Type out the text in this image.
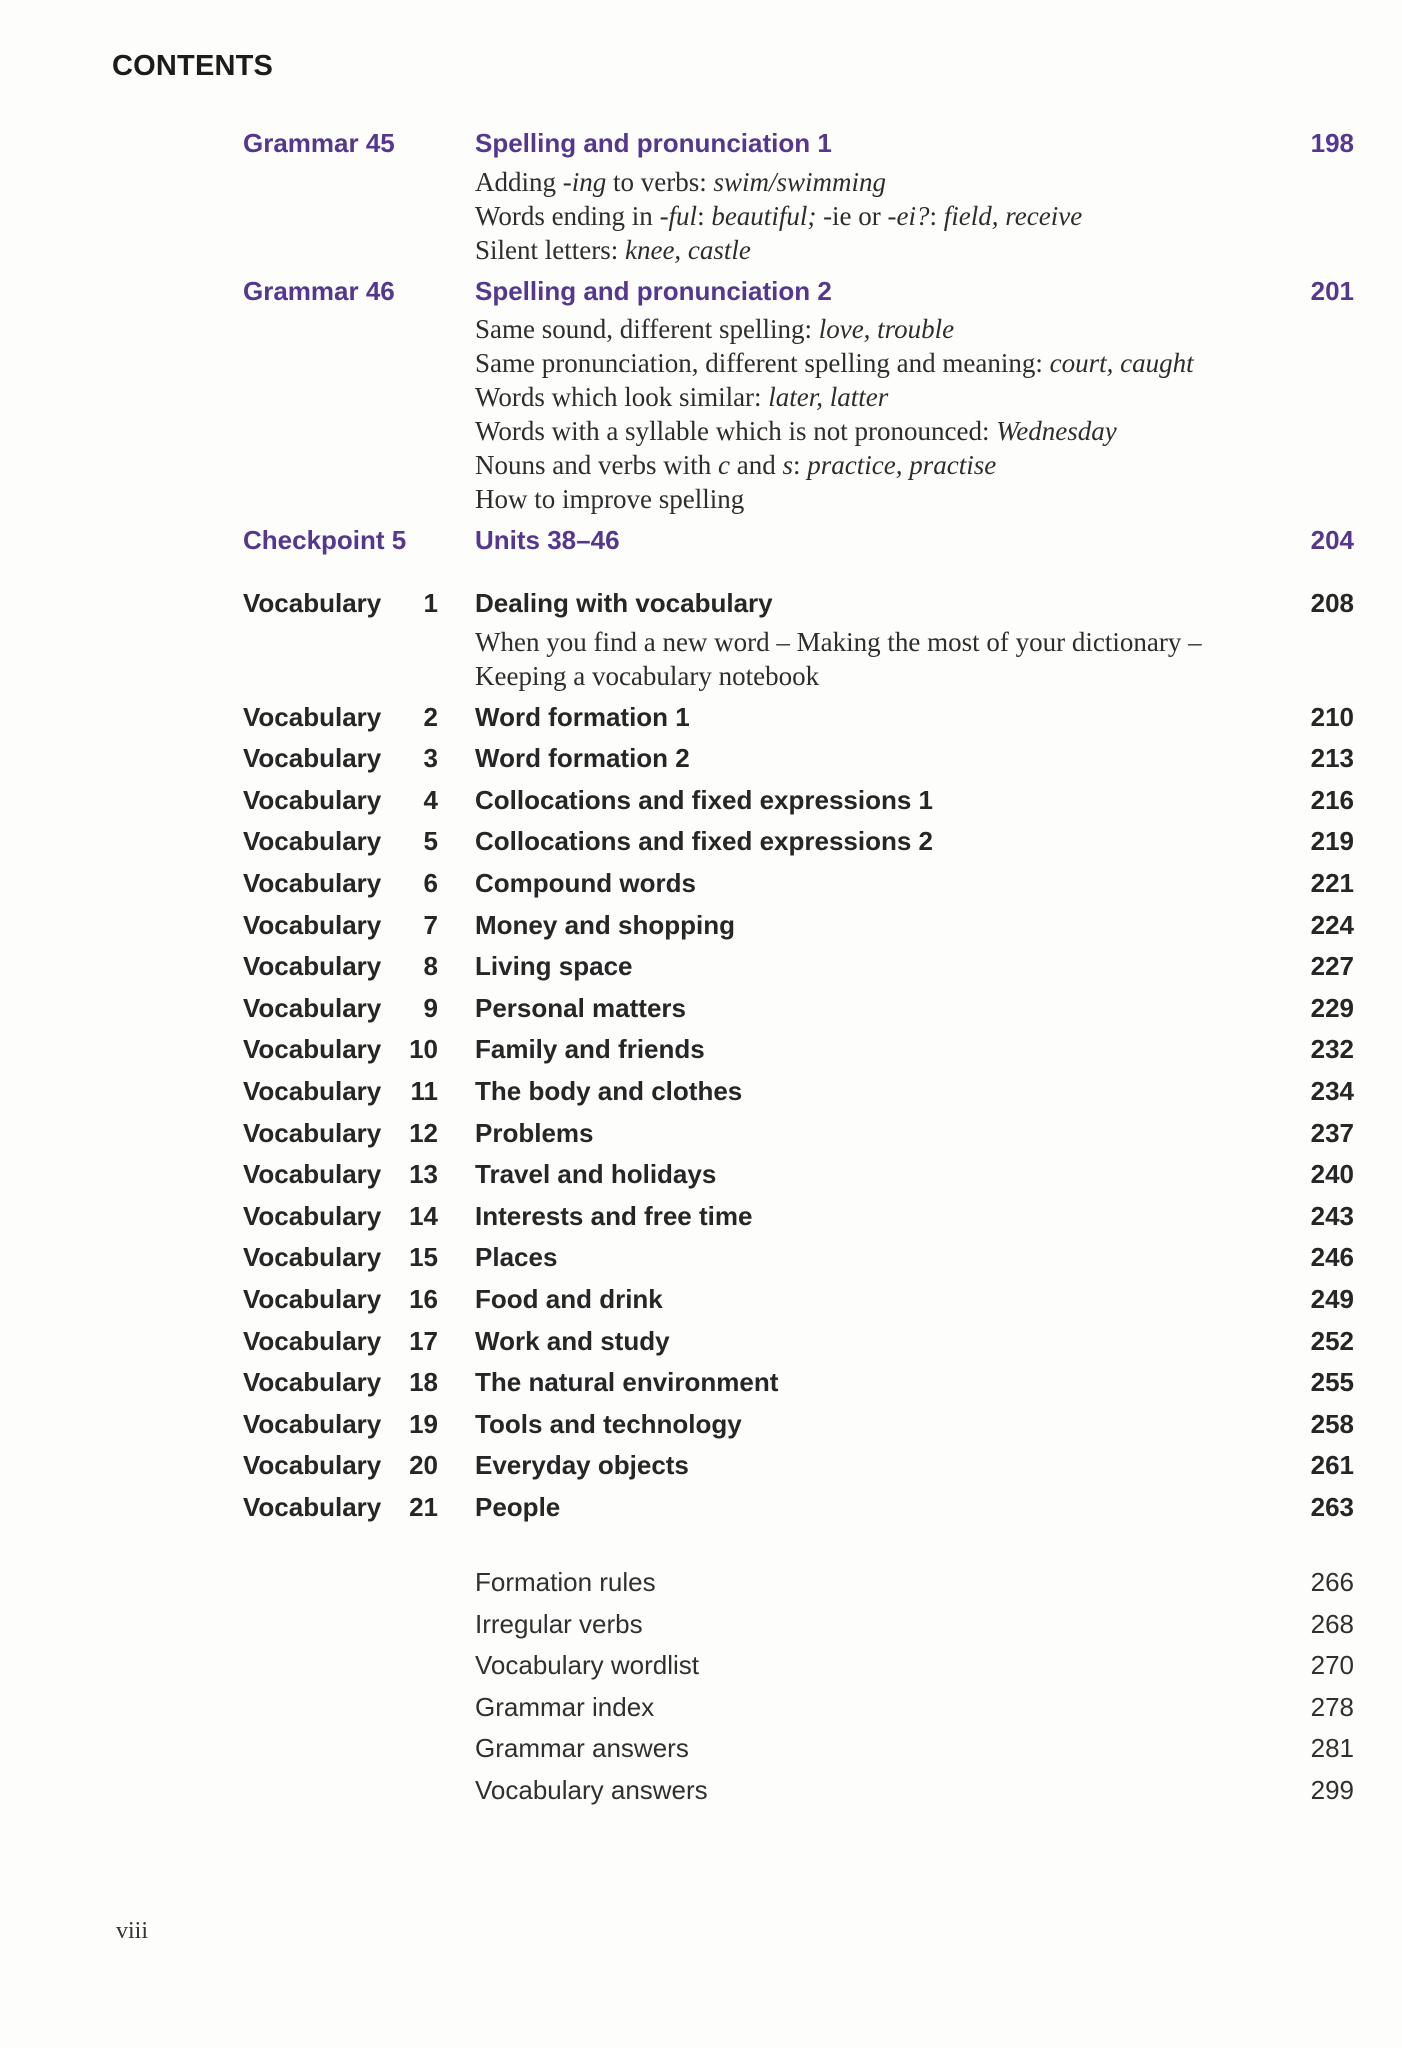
CONTENTS
Grammar 45	Spelling and pronunciation 1	198
Adding -ing to verbs: swim/swimming
Words ending in -ful: beautiful; -ie or -ei?: field, receive
Silent letters: knee, castle
Grammar 46	Spelling and pronunciation 2	201
Same sound, different spelling: love, trouble
Same pronunciation, different spelling and meaning: court, caught
Words which look similar: later, latter
Words with a syllable which is not pronounced: Wednesday
Nouns and verbs with c and s: practice, practise
How to improve spelling
Checkpoint 5	Units 38–46	204
Vocabulary	1 Dealing with vocabulary	208
When you find a new word – Making the most of your dictionary –
Keeping a vocabulary notebook
Vocabulary	2 Word formation 1	210
Vocabulary	3 Word formation 2	213
Vocabulary	4 Collocations and fixed expressions 1	216
Vocabulary	5 Collocations and fixed expressions 2	219
Vocabulary	6 Compound words	221
Vocabulary	7 Money and shopping	224
Vocabulary	8 Living space	227
Vocabulary	9 Personal matters	229
Vocabulary	10 Family and friends	232
Vocabulary	11 The body and clothes	234
Vocabulary	12 Problems	237
Vocabulary	13 Travel and holidays	240
Vocabulary	14 Interests and free time	243
Vocabulary	15 Places	246
Vocabulary	16 Food and drink	249
Vocabulary	17 Work and study	252
Vocabulary	18 The natural environment	255
Vocabulary	19 Tools and technology	258
Vocabulary	20 Everyday objects	261
Vocabulary	21 People	263
Formation rules	266
Irregular verbs	268
Vocabulary wordlist	270
Grammar index	278
Grammar answers	281
Vocabulary answers	299
viii
